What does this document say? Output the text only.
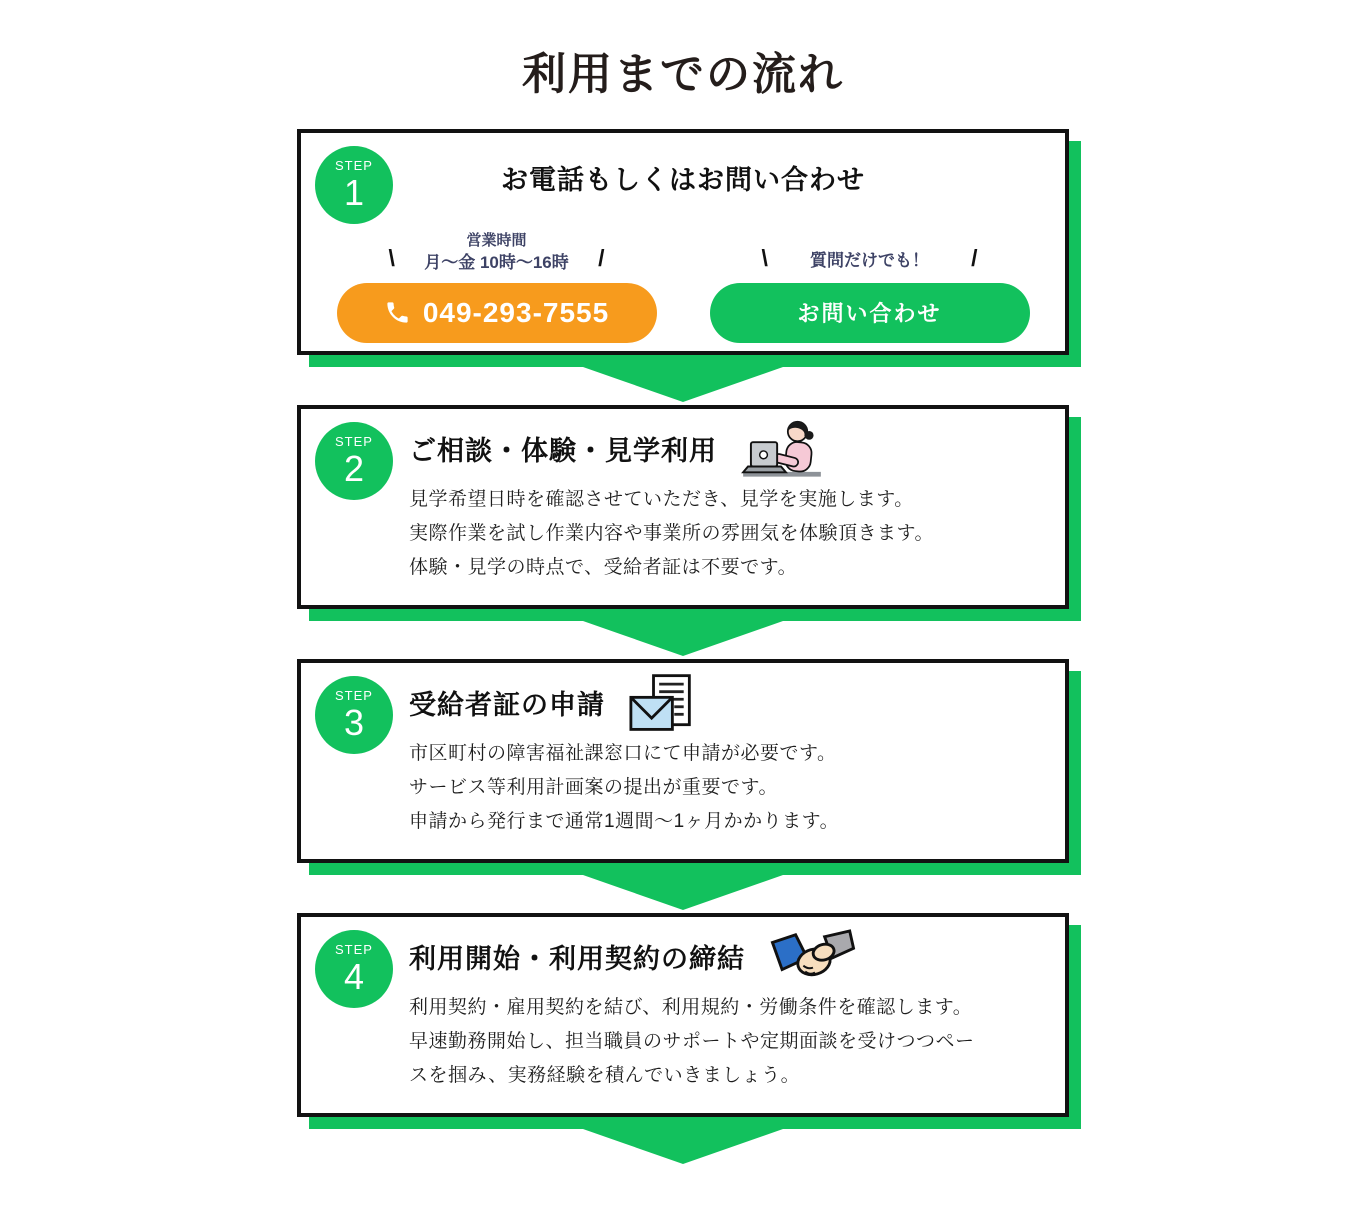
利用までの流れ
STEP
1	お電話もしくはお問い合わせ
\
営業時間
月〜金 10時〜16時 /
049-293-7555
\ 質問だけでも！ /
お問い合わせ
STEP
2 ご相談・体験・見学利用
見学希望日時を確認させていただき、見学を実施します。
実際作業を試し作業内容や事業所の雰囲気を体験頂きます。
体験・見学の時点で、受給者証は不要です。
STEP
3 受給者証の申請
市区町村の障害福祉課窓口にて申請が必要です。
サービス等利用計画案の提出が重要です。
申請から発行まで通常1週間〜1ヶ月かかります。
STEP
4 利用開始・利用契約の締結
利用契約・雇用契約を結び、利用規約・労働条件を確認します。
早速勤務開始し、担当職員のサポートや定期面談を受けつつペー
スを掴み、実務経験を積んでいきましょう。
